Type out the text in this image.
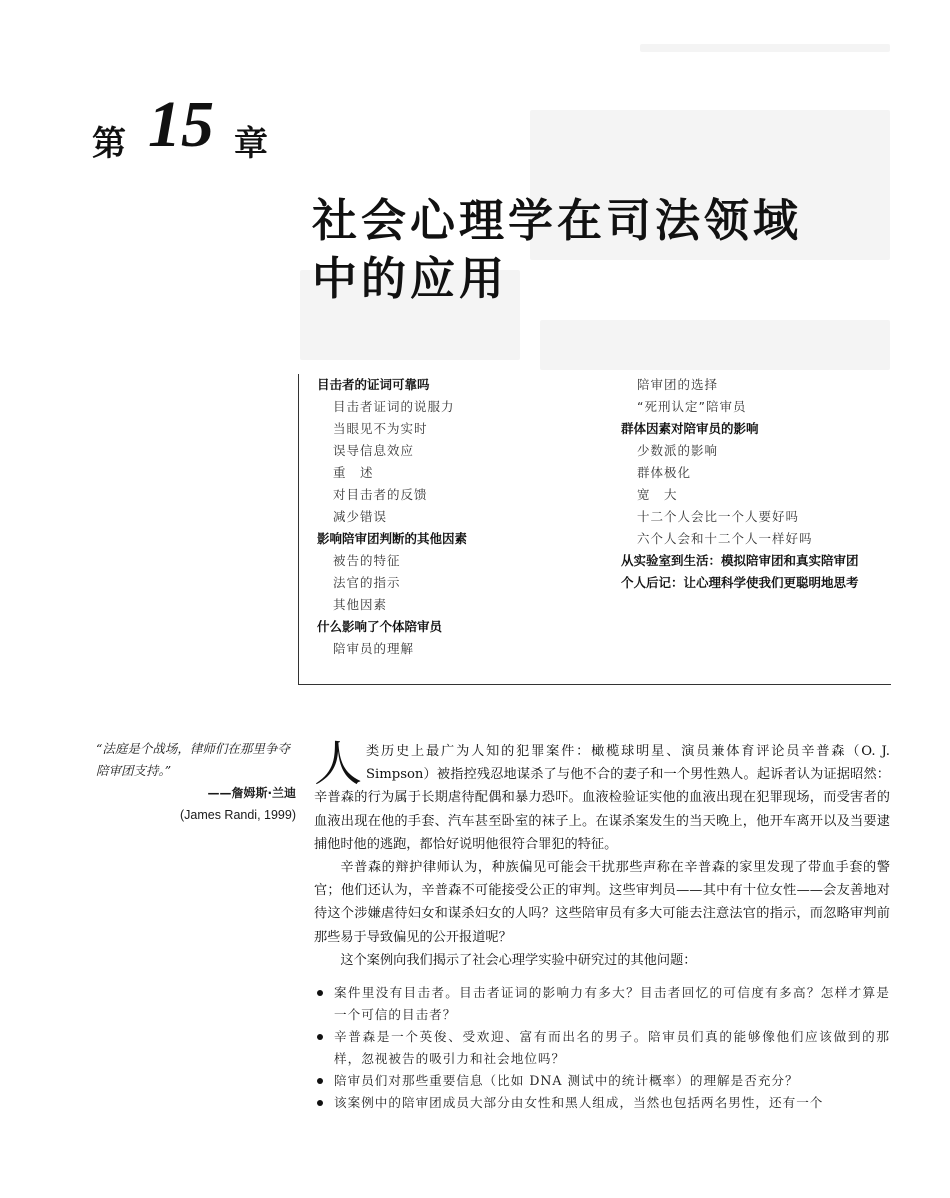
第 15 章
社会心理学在司法领域
中的应用
目击者的证词可靠吗
目击者证词的说服力
当眼见不为实时
误导信息效应
重　述
对目击者的反馈
减少错误
影响陪审团判断的其他因素
被告的特征
法官的指示
其他因素
什么影响了个体陪审员
陪审员的理解
陪审团的选择
“死刑认定”陪审员
群体因素对陪审员的影响
少数派的影响
群体极化
宽　大
十二个人会比一个人要好吗
六个人会和十二个人一样好吗
从实验室到生活：模拟陪审团和真实陪审团
个人后记：让心理科学使我们更聪明地思考
“法庭是个战场，律师们在那里争夺陪审团支持。”
——詹姆斯·兰迪
(James Randi, 1999)

人类历史上最广为人知的犯罪案件：橄榄球明星、演员兼体育评论员辛普森（O. J. Simpson）被指控残忍地谋杀了与他不合的妻子和一个男性熟人。起诉者认为证据昭然：辛普森的行为属于长期虐待配偶和暴力恐吓。血液检验证实他的血液出现在犯罪现场，而受害者的血液出现在他的手套、汽车甚至卧室的袜子上。在谋杀案发生的当天晚上，他开车离开以及当要逮捕他时他的逃跑，都恰好说明他很符合罪犯的特征。

辛普森的辩护律师认为，种族偏见可能会干扰那些声称在辛普森的家里发现了带血手套的警官；他们还认为，辛普森不可能接受公正的审判。这些审判员——其中有十位女性——会友善地对待这个涉嫌虐待妇女和谋杀妇女的人吗？这些陪审员有多大可能去注意法官的指示，而忽略审判前那些易于导致偏见的公开报道呢？

这个案例向我们揭示了社会心理学实验中研究过的其他问题：

案件里没有目击者。目击者证词的影响力有多大？目击者回忆的可信度有多高？怎样才算是一个可信的目击者？
辛普森是一个英俊、受欢迎、富有而出名的男子。陪审员们真的能够像他们应该做到的那样，忽视被告的吸引力和社会地位吗？
陪审员们对那些重要信息（比如 DNA 测试中的统计概率）的理解是否充分？
该案例中的陪审团成员大部分由女性和黑人组成，当然也包括两名男性，还有一个
